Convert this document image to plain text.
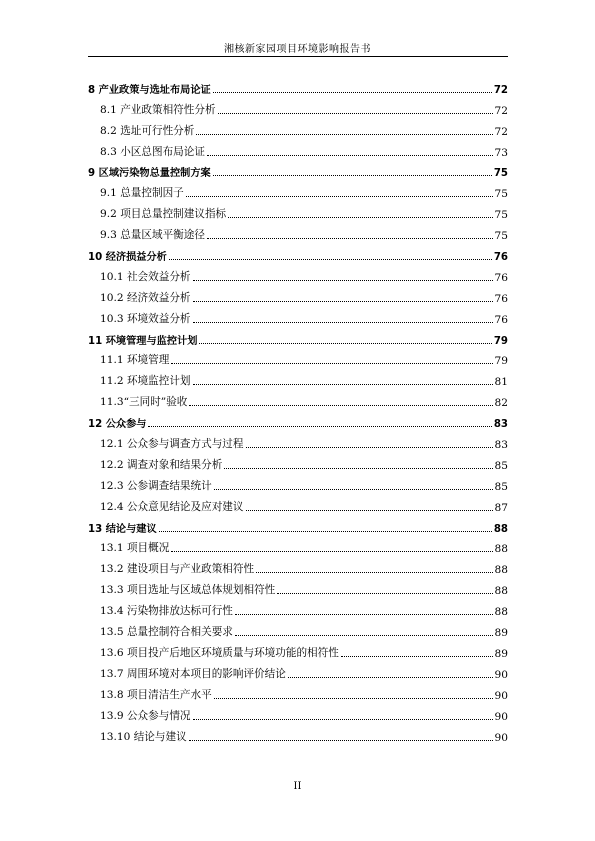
湘核新家园项目环境影响报告书
8 产业政策与选址布局论证	72
8.1 产业政策相符性分析	72
8.2 选址可行性分析	72
8.3 小区总图布局论证	73
9 区域污染物总量控制方案	75
9.1 总量控制因子	75
9.2 项目总量控制建议指标	75
9.3 总量区域平衡途径	75
10 经济损益分析	76
10.1 社会效益分析	76
10.2 经济效益分析	76
10.3 环境效益分析	76
11 环境管理与监控计划	79
11.1 环境管理	79
11.2 环境监控计划	81
11.3“三同时”验收	82
12 公众参与	83
12.1 公众参与调查方式与过程	83
12.2 调查对象和结果分析	85
12.3 公参调查结果统计	85
12.4 公众意见结论及应对建议	87
13 结论与建议	88
13.1 项目概况	88
13.2 建设项目与产业政策相符性	88
13.3 项目选址与区域总体规划相符性	88
13.4 污染物排放达标可行性	88
13.5 总量控制符合相关要求	89
13.6 项目投产后地区环境质量与环境功能的相符性	89
13.7 周围环境对本项目的影响评价结论	90
13.8 项目清洁生产水平	90
13.9 公众参与情况	90
13.10 结论与建议	90
II
